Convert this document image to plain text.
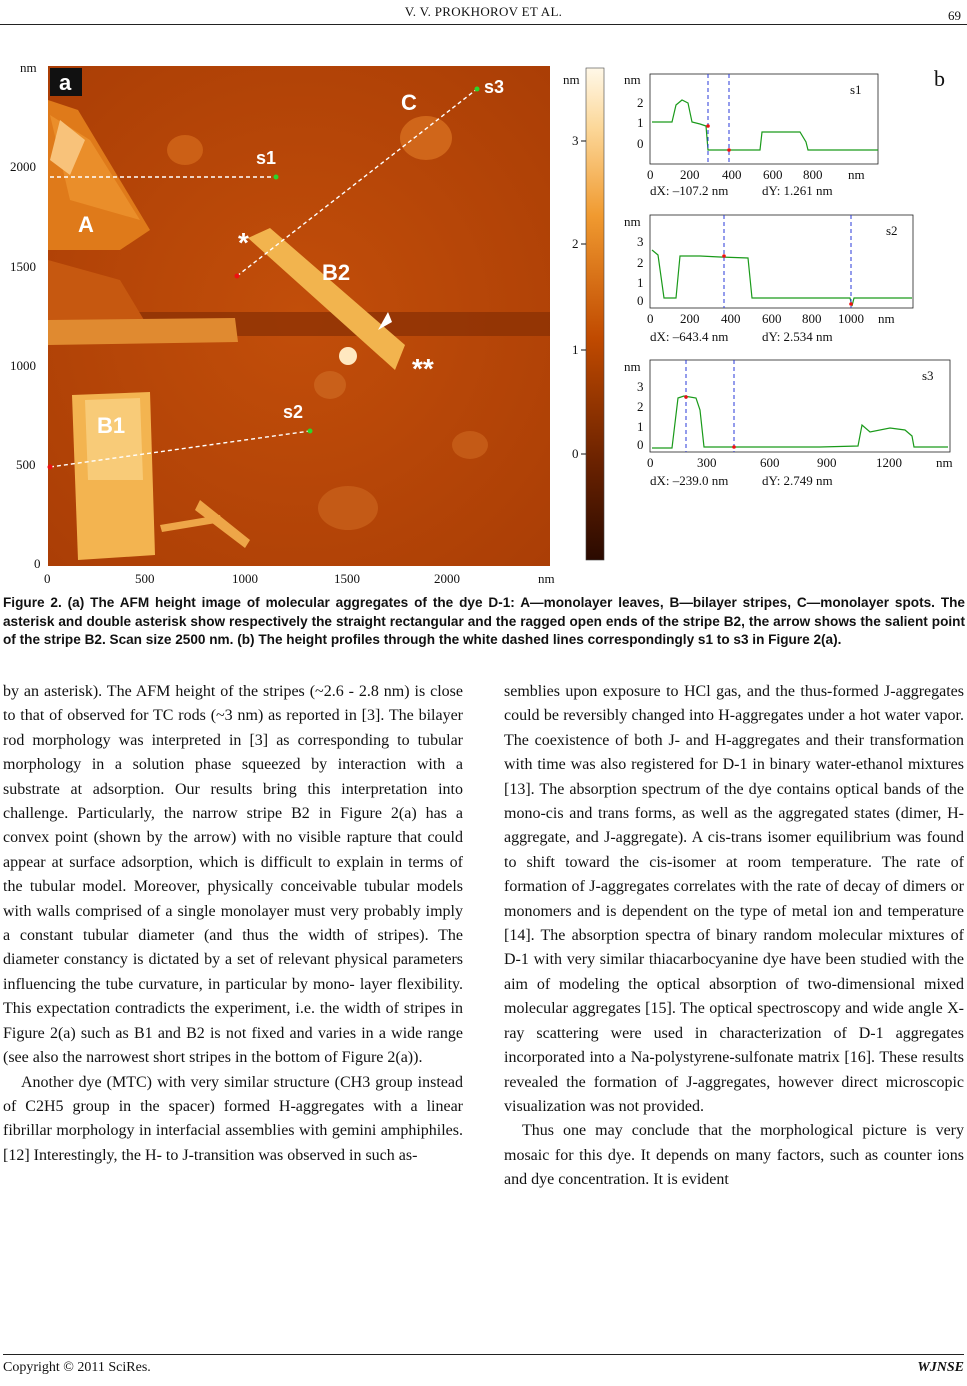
V. V. PROKHOROV ET AL.	69
a
C
A
B1
B2
*
**
s1
s2
s3
nm
2000
1500
1000
500
0
0	500	1000	1500	2000	nm
nm
3
2
1
0
b
nm
2
1
0
s1
0 200 400 600 800 nm
dX: –107.2 nm	dY: 1.261 nm
nm
3
2
1
0
s2
0 200 400 600 800 1000 nm
dX: –643.4 nm	dY: 2.534 nm
nm
3
2
1
0
s3
0	300	600	900	1200	nm
dX: –239.0 nm	dY: 2.749 nm
Figure 2. (a) The AFM height image of molecular aggregates of the dye D-1: A—monolayer leaves, B—bilayer stripes, C—monolayer spots. The asterisk and double asterisk show respectively the straight rectangular and the ragged open ends of the stripe B2, the arrow shows the salient point of the stripe B2. Scan size 2500 nm. (b) The height profiles through the white dashed lines correspondingly s1 to s3 in Figure 2(a).

by an asterisk). The AFM height of the stripes (~2.6 - 2.8 nm) is close to that of observed for TC rods (~3 nm) as reported in [3]. The bilayer rod morphology was interpreted in [3] as corresponding to tubular morphology in a solution phase squeezed by interaction with a substrate at adsorption. Our results bring this interpretation into challenge. Particularly, the narrow stripe B2 in Figure 2(a) has a convex point (shown by the arrow) with no visible rapture that could appear at surface adsorption, which is difficult to explain in terms of the tubular model. Moreover, physically conceivable tubular models with walls comprised of a single monolayer must very probably imply a constant tubular diameter (and thus the width of stripes). The diameter constancy is dictated by a set of relevant physical parameters influencing the tube curvature, in particular by mono- layer flexibility. This expectation contradicts the experiment, i.e. the width of stripes in Figure 2(a) such as B1 and B2 is not fixed and varies in a wide range (see also the narrowest short stripes in the bottom of Figure 2(a)).

Another dye (MTC) with very similar structure (CH3 group instead of C2H5 group in the spacer) formed H-aggregates with a linear fibrillar morphology in interfacial assemblies with gemini amphiphiles. [12] Interestingly, the H- to J-transition was observed in such as-

semblies upon exposure to HCl gas, and the thus-formed J-aggregates could be reversibly changed into H-aggregates under a hot water vapor. The coexistence of both J- and H-aggregates and their transformation with time was also registered for D-1 in binary water-ethanol mixtures [13]. The absorption spectrum of the dye contains optical bands of the mono-cis and trans forms, as well as the aggregated states (dimer, H-aggregate, and J-aggregate). A cis-trans isomer equilibrium was found to shift toward the cis-isomer at room temperature. The rate of formation of J-aggregates correlates with the rate of decay of dimers or monomers and is dependent on the type of metal ion and temperature [14]. The absorption spectra of binary random molecular mixtures of D-1 with very similar thiacarbocyanine dye have been studied with the aim of modeling the optical absorption of two-dimensional mixed molecular aggregates [15]. The optical spectroscopy and wide angle X-ray scattering were used in characterization of D-1 aggregates incorporated into a Na-polystyrene-sulfonate matrix [16]. These results revealed the formation of J-aggregates, however direct microscopic visualization was not provided.

Thus one may conclude that the morphological picture is very mosaic for this dye. It depends on many factors, such as counter ions and dye concentration. It is evident

Copyright © 2011 SciRes.	WJNSE
